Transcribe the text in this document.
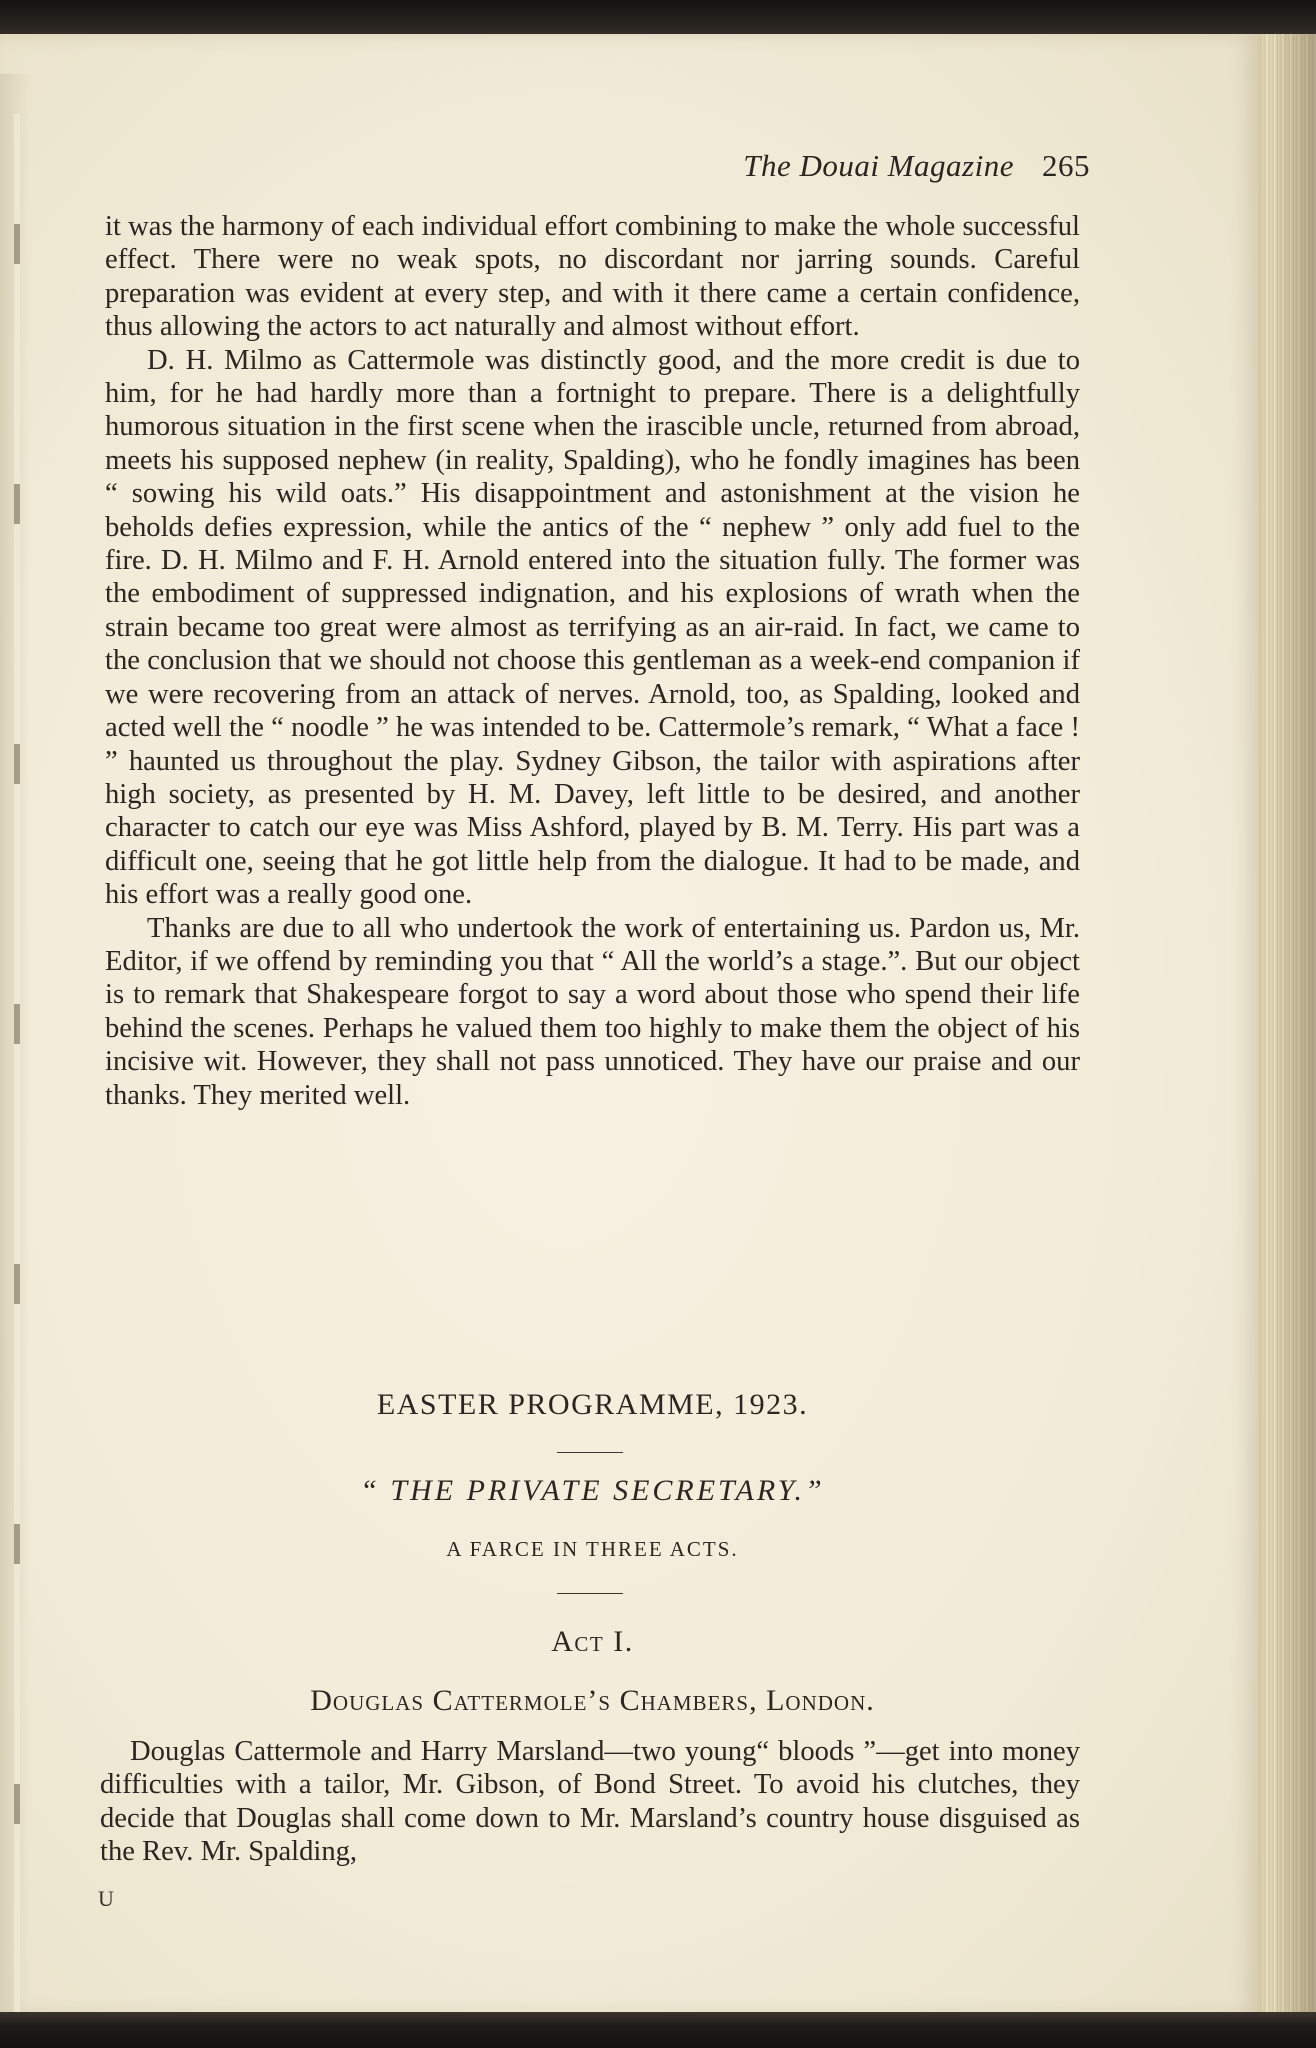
The Douai Magazine 265

it was the harmony of each individual effort combining to make the whole successful effect. There were no weak spots, no discordant nor jarring sounds. Careful preparation was evident at every step, and with it there came a certain confidence, thus allowing the actors to act naturally and almost without effort.

D. H. Milmo as Cattermole was distinctly good, and the more credit is due to him, for he had hardly more than a fortnight to prepare. There is a delightfully humorous situation in the first scene when the irascible uncle, returned from abroad, meets his supposed nephew (in reality, Spalding), who he fondly imagines has been “ sowing his wild oats.” His disappointment and astonishment at the vision he beholds defies expression, while the antics of the “ nephew ” only add fuel to the fire. D. H. Milmo and F. H. Arnold entered into the situation fully. The former was the embodiment of suppressed indignation, and his explosions of wrath when the strain became too great were almost as terrifying as an air-raid. In fact, we came to the conclusion that we should not choose this gentleman as a week-end companion if we were recovering from an attack of nerves. Arnold, too, as Spalding, looked and acted well the “ noodle ” he was intended to be. Cattermole’s remark, “ What a face ! ” haunted us throughout the play. Sydney Gibson, the tailor with aspirations after high society, as presented by H. M. Davey, left little to be desired, and another character to catch our eye was Miss Ashford, played by B. M. Terry. His part was a difficult one, seeing that he got little help from the dialogue. It had to be made, and his effort was a really good one.

Thanks are due to all who undertook the work of entertaining us. Pardon us, Mr. Editor, if we offend by reminding you that “ All the world’s a stage.”. But our object is to remark that Shakespeare forgot to say a word about those who spend their life behind the scenes. Perhaps he valued them too highly to make them the object of his incisive wit. However, they shall not pass unnoticed. They have our praise and our thanks. They merited well.

EASTER PROGRAMME, 1923.
“ THE PRIVATE SECRETARY.”
A FARCE IN THREE ACTS.
Act I.
Douglas Cattermole’s Chambers, London.

Douglas Cattermole and Harry Marsland—two young“ bloods ”—get into money difficulties with a tailor, Mr. Gibson, of Bond Street. To avoid his clutches, they decide that Douglas shall come down to Mr. Marsland’s country house disguised as the Rev. Mr. Spalding,

U
